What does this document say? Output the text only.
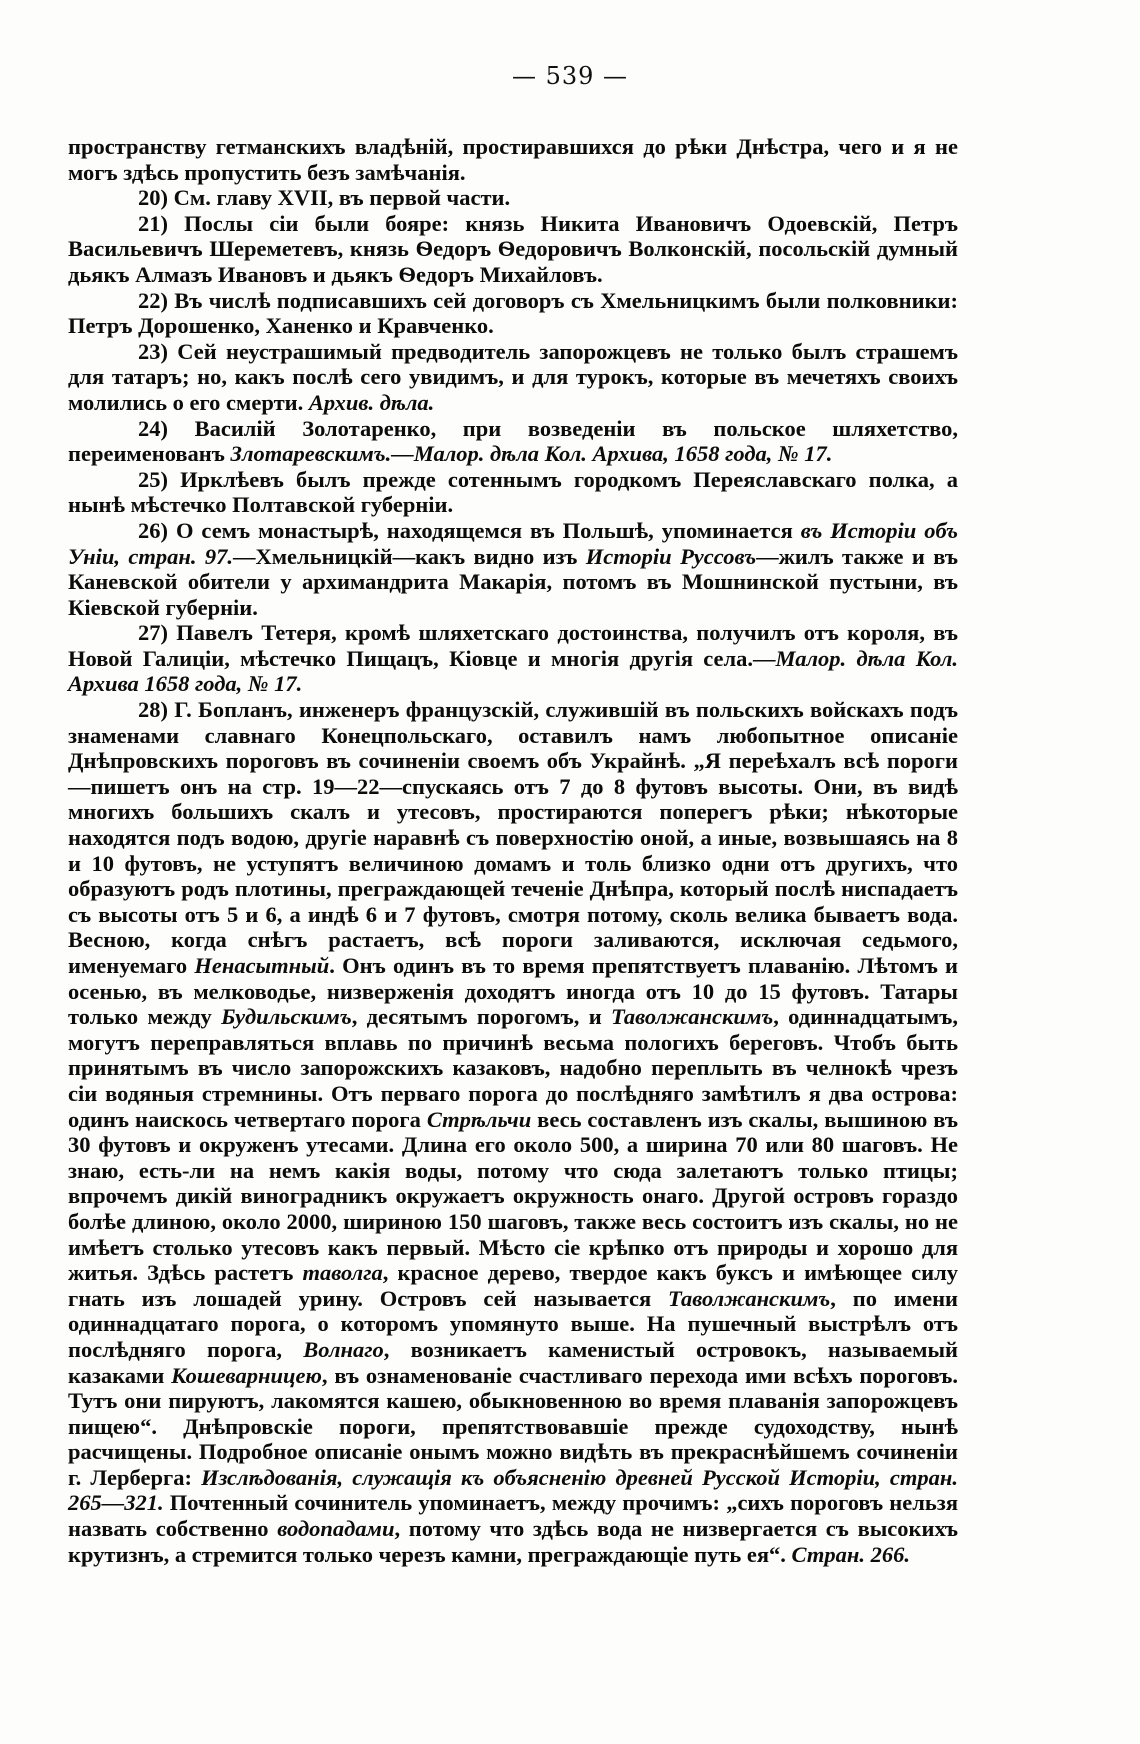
— 539 —

пространству гетманскихъ владѣній, простиравшихся до рѣки Днѣстра, чего и я не могъ здѣсь пропустить безъ замѣчанія.

20) См. главу XVII, въ первой части.

21) Послы сіи были бояре: князь Никита Ивановичъ Одоевскій, Петръ Васильевичъ Шереметевъ, князь Ѳедоръ Ѳедоровичъ Волконскій, посольскій думный дьякъ Алмазъ Ивановъ и дьякъ Ѳедоръ Михайловъ.

22) Въ числѣ подписавшихъ сей договоръ съ Хмельницкимъ были полковники: Петръ Дорошенко, Ханенко и Кравченко.

23) Сей неустрашимый предводитель запорожцевъ не только былъ страшемъ для татаръ; но, какъ послѣ сего увидимъ, и для турокъ, которые въ мечетяхъ своихъ молились о его смерти. Архив. дѣла.

24) Василій Золотаренко, при возведеніи въ польское шляхетство, переименованъ Злотаревскимъ.—Малор. дѣла Кол. Архива, 1658 года, № 17.

25) Ирклѣевъ былъ прежде сотеннымъ городкомъ Переяславскаго полка, а нынѣ мѣстечко Полтавской губерніи.

26) О семъ монастырѣ, находящемся въ Польшѣ, упоминается въ Исторіи объ Уніи, стран. 97.—Хмельницкій—какъ видно изъ Исторіи Руссовъ—жилъ также и въ Каневской обители у архимандрита Макарія, потомъ въ Мошнинской пустыни, въ Кіевской губерніи.

27) Павелъ Тетеря, кромѣ шляхетскаго достоинства, получилъ отъ короля, въ Новой Галиціи, мѣстечко Пищацъ, Кіовце и многія другія села.—Малор. дѣла Кол. Архива 1658 года, № 17.

28) Г. Бопланъ, инженеръ французскій, служившій въ польскихъ войскахъ подъ знаменами славнаго Конецпольскаго, оставилъ намъ любопытное описаніе Днѣпровскихъ пороговъ въ сочиненіи своемъ объ Украйнѣ. „Я переѣхалъ всѣ пороги—пишетъ онъ на стр. 19—22—спускаясь отъ 7 до 8 футовъ высоты. Они, въ видѣ многихъ большихъ скалъ и утесовъ, простираются поперегъ рѣки; нѣкоторые находятся подъ водою, другіе наравнѣ съ поверхностію оной, а иные, возвышаясь на 8 и 10 футовъ, не уступятъ величиною домамъ и толь близко одни отъ другихъ, что образуютъ родъ плотины, преграждающей теченіе Днѣпра, который послѣ ниспадаетъ съ высоты отъ 5 и 6, а индѣ 6 и 7 футовъ, смотря потому, сколь велика бываетъ вода. Весною, когда снѣгъ растаетъ, всѣ пороги заливаются, исключая седьмого, именуемаго Ненасытный. Онъ одинъ въ то время препятствуетъ плаванію. Лѣтомъ и осенью, въ мелководье, низверженія доходятъ иногда отъ 10 до 15 футовъ. Татары только между Будильскимъ, десятымъ порогомъ, и Таволжанскимъ, одиннадцатымъ, могутъ переправляться вплавь по причинѣ весьма пологихъ береговъ. Чтобъ быть принятымъ въ число запорожскихъ казаковъ, надобно переплыть въ челнокѣ чрезъ сіи водяныя стремнины. Отъ перваго порога до послѣдняго замѣтилъ я два острова: одинъ наискось четвертаго порога Стрѣльчи весь составленъ изъ скалы, вышиною въ 30 футовъ и окруженъ утесами. Длина его около 500, а ширина 70 или 80 шаговъ. Не знаю, есть-ли на немъ какія воды, потому что сюда залетаютъ только птицы; впрочемъ дикій виноградникъ окружаетъ окружность онаго. Другой островъ гораздо болѣе длиною, около 2000, шириною 150 шаговъ, также весь состоитъ изъ скалы, но не имѣетъ столько утесовъ какъ первый. Мѣсто сіе крѣпко отъ природы и хорошо для житья. Здѣсь растетъ таволга, красное дерево, твердое какъ буксъ и имѣющее силу гнать изъ лошадей урину. Островъ сей называется Таволжанскимъ, по имени одиннадцатаго порога, о которомъ упомянуто выше. На пушечный выстрѣлъ отъ послѣдняго порога, Волнаго, возникаетъ каменистый островокъ, называемый казаками Кошеварницею, въ ознаменованіе счастливаго перехода ими всѣхъ пороговъ. Тутъ они пируютъ, лакомятся кашею, обыкновенною во время плаванія запорожцевъ пищею“. Днѣпровскіе пороги, препятствовавшіе прежде судоходству, нынѣ расчищены. Подробное описаніе онымъ можно видѣть въ прекраснѣйшемъ сочиненіи г. Лерберга: Изслѣдованія, служащія къ объясненію древней Русской Исторіи, стран. 265—321. Почтенный сочинитель упоминаетъ, между прочимъ: „сихъ пороговъ нельзя назвать собственно водопадами, потому что здѣсь вода не низвергается съ высокихъ крутизнъ, а стремится только черезъ камни, преграждающіе путь ея“. Стран. 266.
